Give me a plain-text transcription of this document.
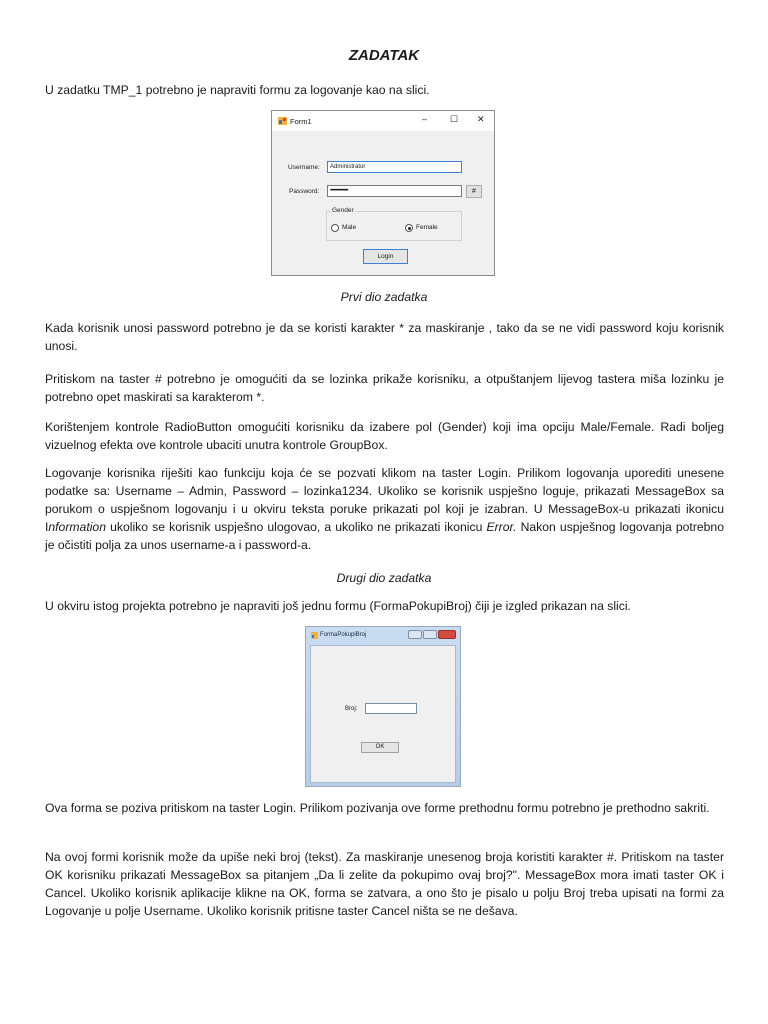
ZADATAK

U zadatku TMP_1 potrebno je napraviti formu za logovanje kao na slici.

Form1	–	☐ ✕
Username:	Administrator
Password:	••••••••••••••••	#
Gender
Male	Female
Login
Prvi dio zadatka

Kada korisnik unosi password potrebno je da se koristi karakter * za maskiranje , tako da se ne vidi password koju korisnik unosi.

Pritiskom na taster # potrebno je omogućiti da se lozinka prikaže korisniku, a otpuštanjem lijevog tastera miša lozinku je potrebno opet maskirati sa karakterom *.

Korištenjem kontrole RadioButton omogućiti korisniku da izabere pol (Gender) koji ima opciju Male/Female. Radi boljeg vizuelnog efekta ove kontrole ubaciti unutra kontrole GroupBox.

Logovanje korisnika riješiti kao funkciju koja će se pozvati klikom na taster Login. Prilikom logovanja uporediti unesene podatke sa: Username – Admin, Password – lozinka1234. Ukoliko se korisnik uspješno loguje, prikazati MessageBox sa porukom o uspješnom logovanju i u okviru teksta poruke prikazati pol koji je izabran. U MessageBox-u prikazati ikonicu Information ukoliko se korisnik uspješno ulogovao, a ukoliko ne prikazati ikonicu Error. Nakon uspješnog logovanja potrebno je očistiti polja za unos username-a i password-a.

Drugi dio zadatka

U okviru istog projekta potrebno je napraviti još jednu formu (FormaPokupiBroj) čiji je izgled prikazan na slici.

FormaPokupiBroj
Broj:
OK

Ova forma se poziva pritiskom na taster Login. Prilikom pozivanja ove forme prethodnu formu potrebno je prethodno sakriti.

Na ovoj formi korisnik može da upiše neki broj (tekst). Za maskiranje unesenog broja koristiti karakter #. Pritiskom na taster OK korisniku prikazati MessageBox sa pitanjem „Da li zelite da pokupimo ovaj broj?". MessageBox mora imati taster OK i Cancel. Ukoliko korisnik aplikacije klikne na OK, forma se zatvara, a ono što je pisalo u polju Broj treba upisati na formi za Logovanje u polje Username. Ukoliko korisnik pritisne taster Cancel ništa se ne dešava.
